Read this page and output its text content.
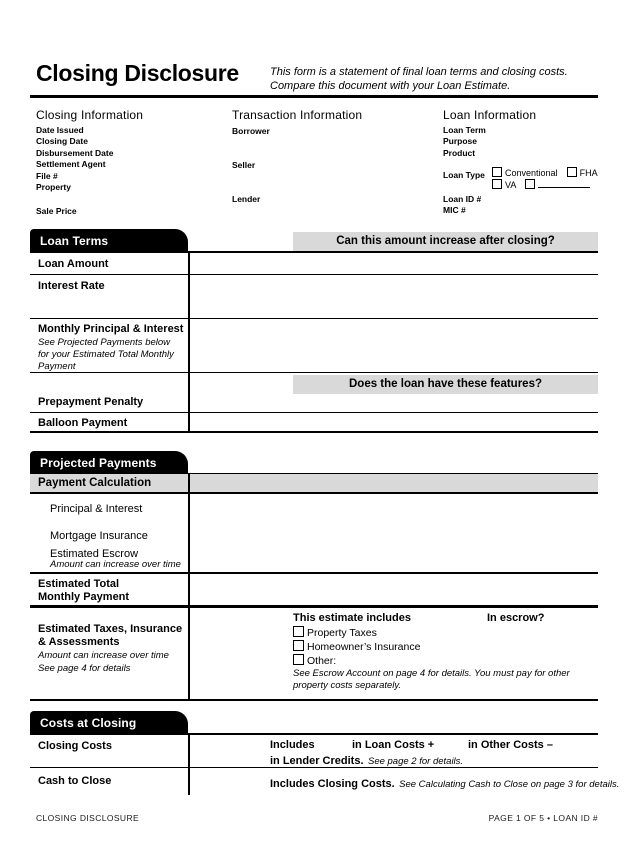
Closing Disclosure	This form is a statement of final loan terms and closing costs. Compare this document with your Loan Estimate.
Closing Information
Date Issued
Closing Date
Disbursement Date
Settlement Agent
File #
Property
Sale Price
Transaction Information
Borrower
Seller
Lender
Loan Information
Loan Term
Purpose
Product
Loan Type	Conventional FHA
VA
Loan ID #
MIC #
Loan Terms	Can this amount increase after closing?
Loan Amount
Interest Rate
Monthly Principal & Interest
See Projected Payments below for your Estimated Total Monthly Payment
Does the loan have these features?
Prepayment Penalty
Balloon Payment
Projected Payments
Payment Calculation
Principal & Interest
Mortgage Insurance
Estimated Escrow
Amount can increase over time
Estimated Total
Monthly Payment
Estimated Taxes, Insurance
& Assessments
Amount can increase over time
See page 4 for details
This estimate includes	In escrow?
Property Taxes
Homeowner’s Insurance
Other:
See Escrow Account on page 4 for details. You must pay for other property costs separately.
Costs at Closing
Closing Costs	Includes	in Loan Costs +	in Other Costs –
in Lender Credits. See page 2 for details.
Cash to Close	Includes Closing Costs. See Calculating Cash to Close on page 3 for details.
CLOSING DISCLOSURE	PAGE 1 OF 5 • LOAN ID #
